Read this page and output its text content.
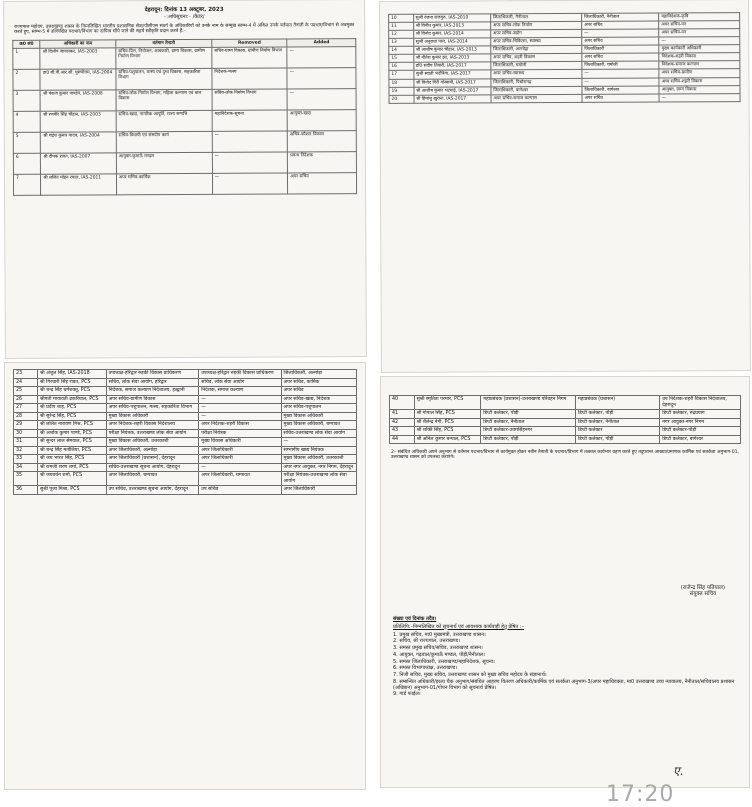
देहरादून: दिनांक 13 अक्टूबर, 2023
–:अधिसूचना:– /कैडर/
राज्यपाल महोदय, उत्तराखण्ड शासन के निम्नलिखित भारतीय प्रशासनिक सेवा/पीसीएस संवर्ग के अधिकारियों को उनके नाम के सम्मुख स्तम्भ-4 में अंकित उनके वर्तमान तैनाती के पदभार/विभाग से अवमुक्त करते हुए, स्तम्भ-5 में उल्लिखित पदभार/विभाग का दायित्व सौंपे जाने की सहर्ष स्वीकृति प्रदान करते हैं:–
क्र0 सं0	अधिकारी का नाम	वर्तमान तैनाती	Removed	Added
1	श्री दिलीप जावलकर, IAS-2003	सचिव-वित्त, नियोजन, आबकारी, ग्राम्य विकास, ग्रामीण निर्माण विभाग	सचिव-ग्राम्य विकास, ग्रामीण निर्माण विभाग	—
2	डा0 बी.वी.आर.सी. पुरुषोत्तम, IAS-2004	सचिव-पशुपालन, मत्स्य एवं दुग्ध विकास, सहकारिता विभाग	निदेशक-मत्स्य	—
3	श्री पंकज कुमार पाण्डेय, IAS-2008	सचिव-लोक निर्माण विभाग, महिला कल्याण एवं बाल विकास	सचिव-लोक निर्माण विभाग	—
4	श्री रणवीर सिंह चौहान, IAS-2003	सचिव-खाद्य, नागरिक आपूर्ति, राज्य सम्पत्ति	महानिदेशक-सूचना	आयुक्त-खाद्य
5	श्री चंद्रेश कुमार यादव, IAS-2004	सचिव-विधायी एवं संसदीय कार्य	—	सचिव-कौशल विकास
6	श्री दीपक रावत, IAS-2007	आयुक्त-कुमाऊँ मण्डल	—	प्रबन्ध निदेशक
7	श्री ललित मोहन रयाल, IAS-2011	अपर सचिव-कार्मिक	—	अपर सचिव
10	सुश्री रंजना राजगुरु, IAS-2010	जिलाधिकारी, नैनीताल	जिलाधिकारी, नैनीताल	महानिदेशक-कृषि
11	श्री विनीत कुमार, IAS-2013	अपर सचिव-लोक निर्माण	अपर सचिव	अपर सचिव-वन
12	श्री विनोद कुमार, IAS-2014	अपर सचिव-उद्योग	—	अपर सचिव-वन
13	सुश्री अनुराधा पाल, IAS-2014	अपर सचिव-चिकित्सा, स्वास्थ्य	अपर सचिव	—
14	श्री आशीष कुमार चौहान, IAS-2013	जिलाधिकारी, अल्मोड़ा	जिलाधिकारी	मुख्य कार्यकारी अधिकारी
15	श्री नीतेश कुमार झा, IAS-2013	अपर सचिव, शहरी विकास	अपर सचिव	निदेशक-शहरी विकास
16	डॉ0 संदीप तिवारी, IAS-2017	जिलाधिकारी, चमोली	जिलाधिकारी, चमोली	निदेशक-समाज कल्याण
17	सुश्री स्वाती भदौरिया, IAS-2017	अपर सचिव-स्वास्थ्य	—	अपर सचिव-ग्रामीण
18	श्री विनोद गिरी गोस्वामी, IAS-2017	जिलाधिकारी, पिथौरागढ़	—	अपर सचिव-शहरी विकास
19	श्री आशीष कुमार भटगाई, IAS-2017	जिलाधिकारी, बागेश्वर	जिलाधिकारी, बागेश्वर	आयुक्त, ग्राम्य विकास
20	श्री हिमांशु खुराना, IAS-2017	अपर सचिव-समाज कल्याण	अपर सचिव	—
23	श्री अंशुल सिंह, IAS-2018	उपाध्यक्ष-हरिद्वार रुड़की विकास प्राधिकरण	उपाध्यक्ष-हरिद्वार रुड़की विकास प्राधिकरण	जिलाधिकारी, अल्मोड़ा
24	श्री गिरधारी सिंह रावत, PCS	सचिव, लोक सेवा आयोग, हरिद्वार	सचिव, लोक सेवा आयोग	अपर सचिव, कार्मिक
25	श्री चन्द्र सिंह धर्मशक्तू, PCS	निदेशक, समाज कल्याण निदेशालय, हल्द्वानी	निदेशक, समाज कल्याण	अपर सचिव
26	श्रीमती मायावती ढकरियाल, PCS	अपर सचिव-ग्रामीण विकास	—	अपर सचिव-खाद्य, निदेशक
27	श्री प्रदीप शाह, PCS	अपर सचिव-पशुपालन, मत्स्य, सहकारिता विभाग	—	अपर सचिव-पशुपालन
28	श्री सुरेन्द्र सिंह, PCS	मुख्य विकास अधिकारी	—	मुख्य विकास अधिकारी
29	श्री ललित नारायण मिश्र, PCS	अपर निदेशक-शहरी विकास निदेशालय	अपर निदेशक-शहरी विकास	मुख्य विकास अधिकारी, चम्पावत
30	श्री अशोक कुमार पाण्डे, PCS	परीक्षा नियंत्रक, उत्तराखण्ड लोक सेवा आयोग	परीक्षा नियंत्रक	सचिव-उत्तराखण्ड लोक सेवा आयोग
31	श्री सुन्दर लाल सेमवाल, PCS	मुख्य विकास अधिकारी, उत्तरकाशी	मुख्य विकास अधिकारी	—
32	श्री चन्द्र सिंह मर्तोलिया, PCS	अपर जिलाधिकारी, अल्मोड़ा	अपर जिलाधिकारी	सम्भागीय खाद्य नियंत्रक
33	श्री जय भारत सिंह, PCS	अपर जिलाधिकारी (प्रशासन), देहरादून	अपर जिलाधिकारी	मुख्य विकास अधिकारी, उत्तरकाशी
34	श्री रामजी शरण शर्मा, PCS	सचिव-उत्तराखण्ड सूचना आयोग, देहरादून	—	अपर नगर आयुक्त, नगर निगम, देहरादून
35	श्री जयवर्धन शर्मा, PCS	अपर जिलाधिकारी, चम्पावत	अपर जिलाधिकारी, चम्पावत	परीक्षा नियंत्रक-उत्तराखण्ड लोक सेवा आयोग
36	सुश्री पूजा मिश्रा, PCS	उप सचिव, उत्तराखण्ड सूचना आयोग, देहरादून	उप सचिव	अपर जिलाधिकारी
40	सुश्री स्मृतिता परमार, PCS	महाप्रबंधक (प्रशासन)-उत्तराखण्ड परिवहन निगम	महाप्रबंधक (प्रशासन)	उप निदेशक-शहरी विकास निदेशालय, देहरादून
41	श्री गोपाल सिंह, PCS	डिप्टी कलेक्टर, पौड़ी	डिप्टी कलेक्टर, पौड़ी	डिप्टी कलेक्टर, रुद्रप्रयाग
42	श्री शैलेन्द्र नेगी, PCS	डिप्टी कलेक्टर, नैनीताल	डिप्टी कलेक्टर, नैनीताल	नगर आयुक्त-नगर निगम
43	श्री शक्ति सिंह, PCS	डिप्टी कलेक्टर-उधमसिंहनगर	डिप्टी कलेक्टर	डिप्टी कलेक्टर-पौड़ी
44	श्री अनिल कुमार चन्याल, PCS	डिप्टी कलेक्टर, पौड़ी	डिप्टी कलेक्टर, पौड़ी	डिप्टी कलेक्टर, बागेश्वर
2– संबंधित अधिकारी अपने अनुभाग से वर्तमान पदभार/विभाग से कार्यमुक्त होकर नवीन तैनाती के पदभार/विभाग में तत्काल कार्यभार ग्रहण करते हुए तदुपरान्त आख्या/प्रमाणक कार्मिक एवं सतर्कता अनुभाग-01, उत्तराखण्ड शासन को उपलब्ध कराएंगे।
(राजेन्द्र सिंह पतियाल)
संयुक्त सचिव
संख्या एवं दिनांक तदैव।
प्रतिलिपि:–निम्नलिखित को सूचनार्थ एवं आवश्यक कार्यवाही हेतु प्रेषित :–
1. प्रमुख सचिव, मा0 मुख्यमंत्री, उत्तराखण्ड शासन।
2. सचिव, श्री राज्यपाल, उत्तराखण्ड।
3. समस्त प्रमुख सचिव/सचिव, उत्तराखण्ड शासन।
4. आयुक्त, गढ़वाल/कुमाऊँ मण्डल, पौड़ी/नैनीताल।
5. समस्त जिलाधिकारी, उत्तराखण्ड/महानिदेशक, सूचना।
6. समस्त विभागाध्यक्ष, उत्तराखण्ड।
7. निजी सचिव, मुख्य सचिव, उत्तराखण्ड शासन को मुख्य सचिव महोदय के संज्ञानार्थ।
8. सम्बन्धित अधिकारी/इरला चैक अनुभाग/संबंधित आहरण वितरण अधिकारी/कार्मिक एवं सतर्कता अनुभाग-3/अपर महाधिवक्ता, मा0 उत्तराखण्ड उच्च न्यायालय, नैनीताल/सचिवालय प्रशासन (अधिष्ठान) अनुभाग-01/गोपन विभाग को सूचनार्थ प्रेषित।
9. गार्ड फाईल।
ए.
17:20
